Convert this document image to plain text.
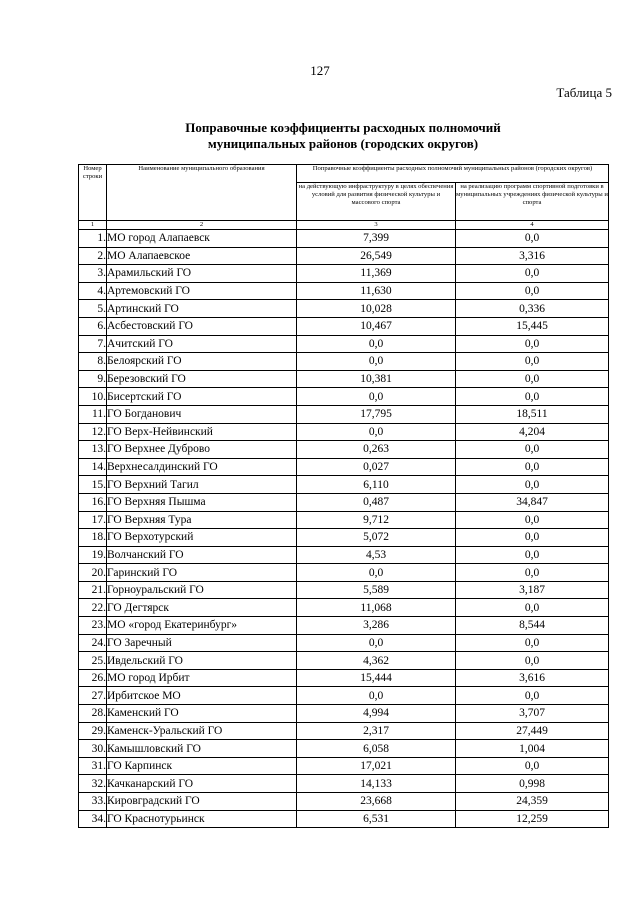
127
Таблица 5
Поправочные коэффициенты расходных полномочий
муниципальных районов (городских округов)
Номер строки	Наименование муниципального образования	Поправочные коэффициенты расходных полномочий муниципальных районов (городских округов)	
		на действующую инфраструктуру в целях обеспечения условий для развития физической культуры и массового спорта	на реализацию программ спортивной подготовки в муниципальных учреждениях физической культуры и спорта
1	2	3	4
1.	МО город Алапаевск	7,399	0,0
2.	МО Алапаевское	26,549	3,316
3.	Арамильский ГО	11,369	0,0
4.	Артемовский ГО	11,630	0,0
5.	Артинский ГО	10,028	0,336
6.	Асбестовский ГО	10,467	15,445
7.	Ачитский ГО	0,0	0,0
8.	Белоярский ГО	0,0	0,0
9.	Березовский ГО	10,381	0,0
10.	Бисертский ГО	0,0	0,0
11.	ГО Богданович	17,795	18,511
12.	ГО Верх-Нейвинский	0,0	4,204
13.	ГО Верхнее Дуброво	0,263	0,0
14.	Верхнесалдинский ГО	0,027	0,0
15.	ГО Верхний Тагил	6,110	0,0
16.	ГО Верхняя Пышма	0,487	34,847
17.	ГО Верхняя Тура	9,712	0,0
18.	ГО Верхотурский	5,072	0,0
19.	Волчанский ГО	4,53	0,0
20.	Гаринский ГО	0,0	0,0
21.	Горноуральский ГО	5,589	3,187
22.	ГО Дегтярск	11,068	0,0
23.	МО «город Екатеринбург»	3,286	8,544
24.	ГО Заречный	0,0	0,0
25.	Ивдельский ГО	4,362	0,0
26.	МО город Ирбит	15,444	3,616
27.	Ирбитское МО	0,0	0,0
28.	Каменский ГО	4,994	3,707
29.	Каменск-Уральский ГО	2,317	27,449
30.	Камышловский ГО	6,058	1,004
31.	ГО Карпинск	17,021	0,0
32.	Качканарский ГО	14,133	0,998
33.	Кировградский ГО	23,668	24,359
34.	ГО Краснотурьинск	6,531	12,259
